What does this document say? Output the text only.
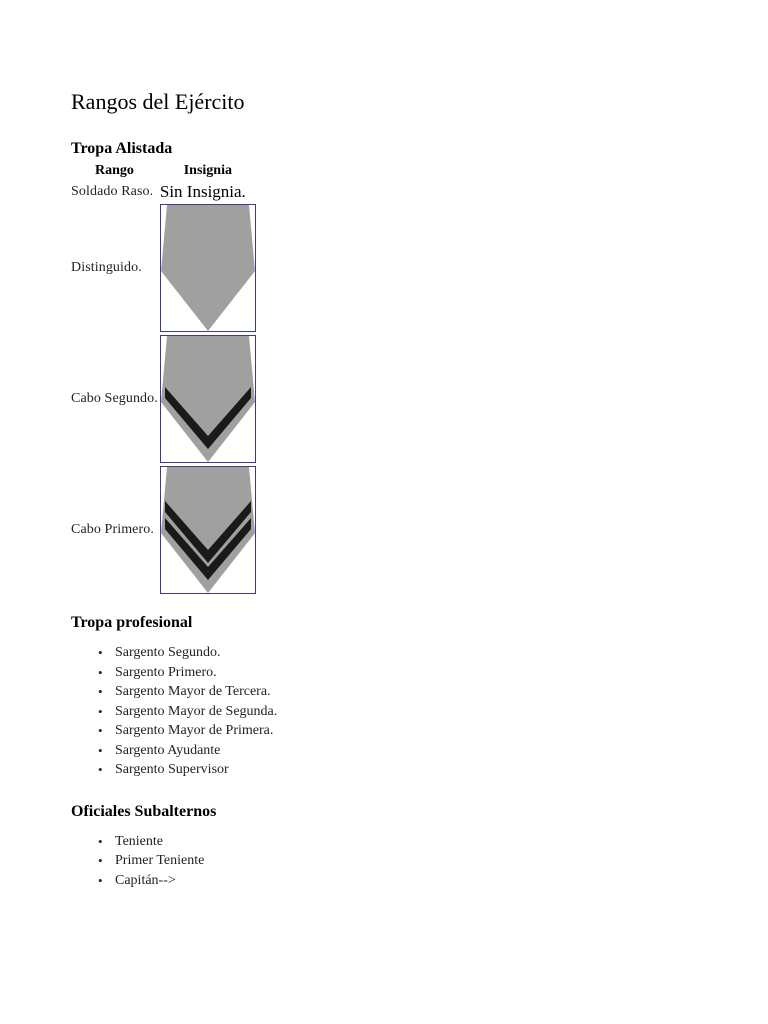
Rangos del Ejército
Tropa Alistada
Rango	Insignia
Soldado Raso.	Sin Insignia.
Distinguido.	

Cabo Segundo.	

Cabo Primero.	
Tropa profesional
• Sargento Segundo.
• Sargento Primero.
• Sargento Mayor de Tercera.
• Sargento Mayor de Segunda.
• Sargento Mayor de Primera.
• Sargento Ayudante
• Sargento Supervisor
Oficiales Subalternos
• Teniente
• Primer Teniente
• Capitán-->
